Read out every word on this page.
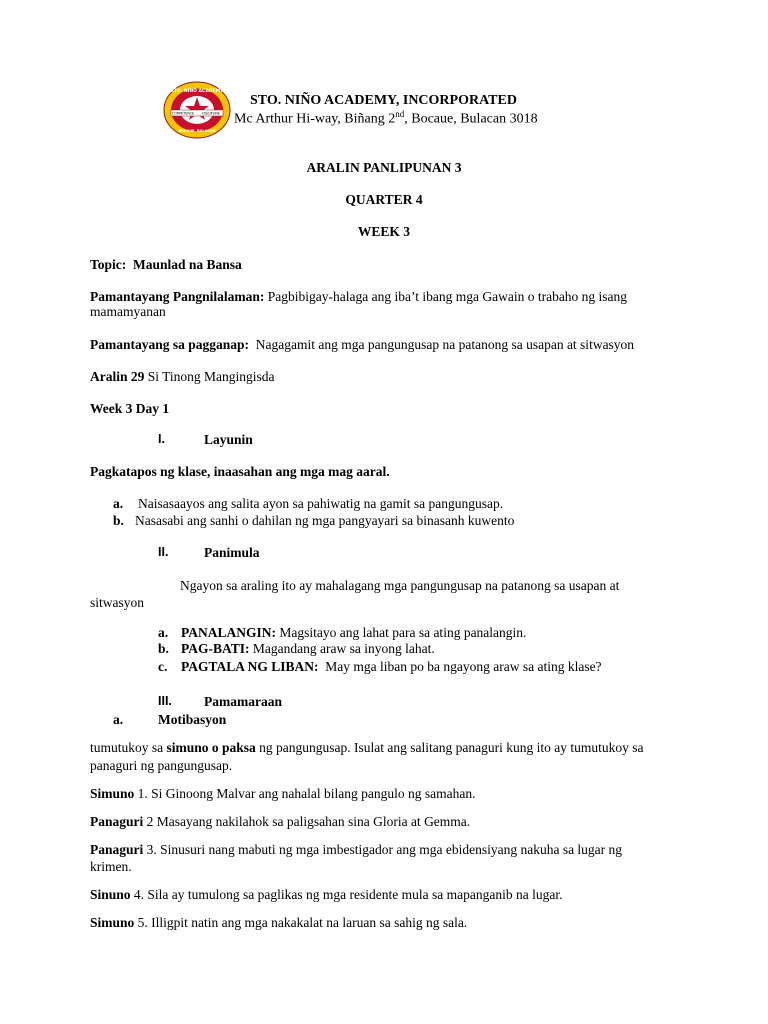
COMPETENCE	DISCIPLINE
STO. NIÑO ACADEMY
BOCAUE, BULACAN
STO. NIÑO ACADEMY, INCORPORATED
Mc Arthur Hi-way, Biñang 2nd, Bocaue, Bulacan 3018
ARALIN PANLIPUNAN 3
QUARTER 4
WEEK 3
Topic: Maunlad na Bansa
Pamantayang Pangnilalaman: Pagbibigay-halaga ang iba’t ibang mga Gawain o trabaho ng isang
mamamyanan
Pamantayang sa pagganap: Nagagamit ang mga pangungusap na patanong sa usapan at sitwasyon
Aralin 29 Si Tinong Mangingisda
Week 3 Day 1
I.	Layunin
Pagkatapos ng klase, inaasahan ang mga mag aaral.
a. Naisasaayos ang salita ayon sa pahiwatig na gamit sa pangungusap.
b. Nasasabi ang sanhi o dahilan ng mga pangyayari sa binasanh kuwento
II.	Panimula
Ngayon sa araling ito ay mahalagang mga pangungusap na patanong sa usapan at
sitwasyon
a. PANALANGIN: Magsitayo ang lahat para sa ating panalangin.
b. PAG-BATI: Magandang araw sa inyong lahat.
c. PAGTALA NG LIBAN: May mga liban po ba ngayong araw sa ating klase?
III. Pamamaraan
a.	Motibasyon
tumutukoy sa simuno o paksa ng pangungusap. Isulat ang salitang panaguri kung ito ay tumutukoy sa
panaguri ng pangungusap.
Simuno 1. Si Ginoong Malvar ang nahalal bilang pangulo ng samahan.
Panaguri 2 Masayang nakilahok sa paligsahan sina Gloria at Gemma.
Panaguri 3. Sinusuri nang mabuti ng mga imbestigador ang mga ebidensiyang nakuha sa lugar ng
krimen.
Sinuno 4. Sila ay tumulong sa paglikas ng mga residente mula sa mapanganib na lugar.
Simuno 5. Illigpit natin ang mga nakakalat na laruan sa sahig ng sala.
